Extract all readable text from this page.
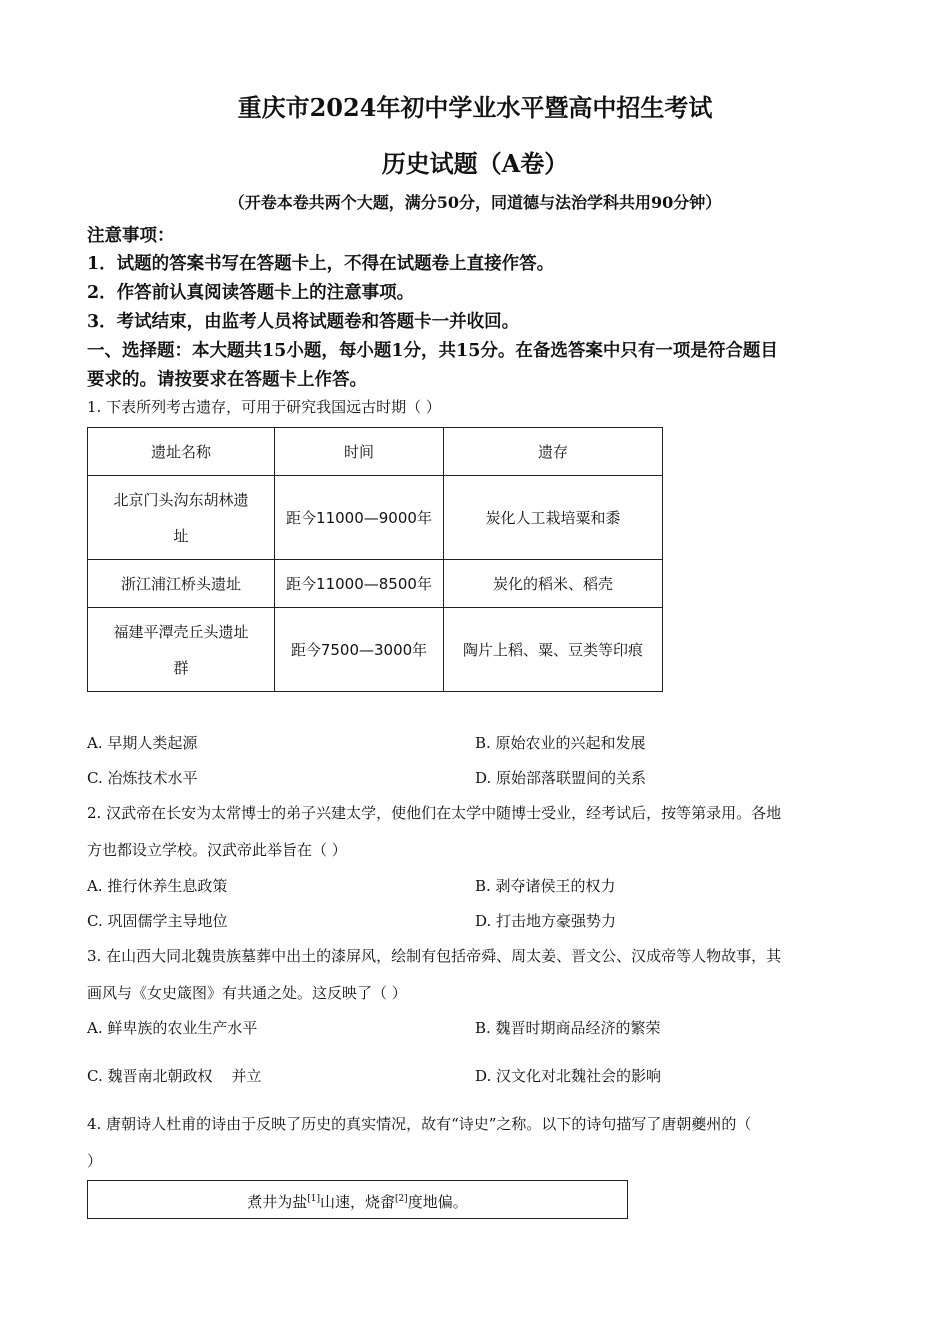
重庆市2024年初中学业水平暨高中招生考试
历史试题（A卷）
（开卷本卷共两个大题，满分50分，同道德与法治学科共用90分钟）
注意事项：
1．试题的答案书写在答题卡上，不得在试题卷上直接作答。
2．作答前认真阅读答题卡上的注意事项。
3．考试结束，由监考人员将试题卷和答题卡一并收回。
一、选择题：本大题共15小题，每小题1分，共15分。在备选答案中只有一项是符合题目
要求的。请按要求在答题卡上作答。
1. 下表所列考古遗存，可用于研究我国远古时期（ ）
遗址名称	时间	遗存

北京门头沟东胡林遗
址	距今11000—9000年	炭化人工栽培粟和黍
浙江浦江桥头遗址	距今11000—8500年	炭化的稻米、稻壳

福建平潭壳丘头遗址
群	距今7500—3000年	陶片上稻、粟、豆类等印痕
A. 早期人类起源	B. 原始农业的兴起和发展
C. 冶炼技术水平	D. 原始部落联盟间的关系
2. 汉武帝在长安为太常博士的弟子兴建太学，使他们在太学中随博士受业，经考试后，按等第录用。各地
方也都设立学校。汉武帝此举旨在（ ）
A. 推行休养生息政策	B. 剥夺诸侯王的权力
C. 巩固儒学主导地位	D. 打击地方豪强势力
3. 在山西大同北魏贵族墓葬中出土的漆屏风，绘制有包括帝舜、周太姜、晋文公、汉成帝等人物故事，其
画风与《女史箴图》有共通之处。这反映了（ ）
A. 鲜卑族的农业生产水平	B. 魏晋时期商品经济的繁荣
C. 魏晋南北朝政权    并立	D. 汉文化对北魏社会的影响
4. 唐朝诗人杜甫的诗由于反映了历史的真实情况，故有“诗史”之称。以下的诗句描写了唐朝夔州的（
）
煮井为盐[1]山速，烧畬[2]度地偏。
